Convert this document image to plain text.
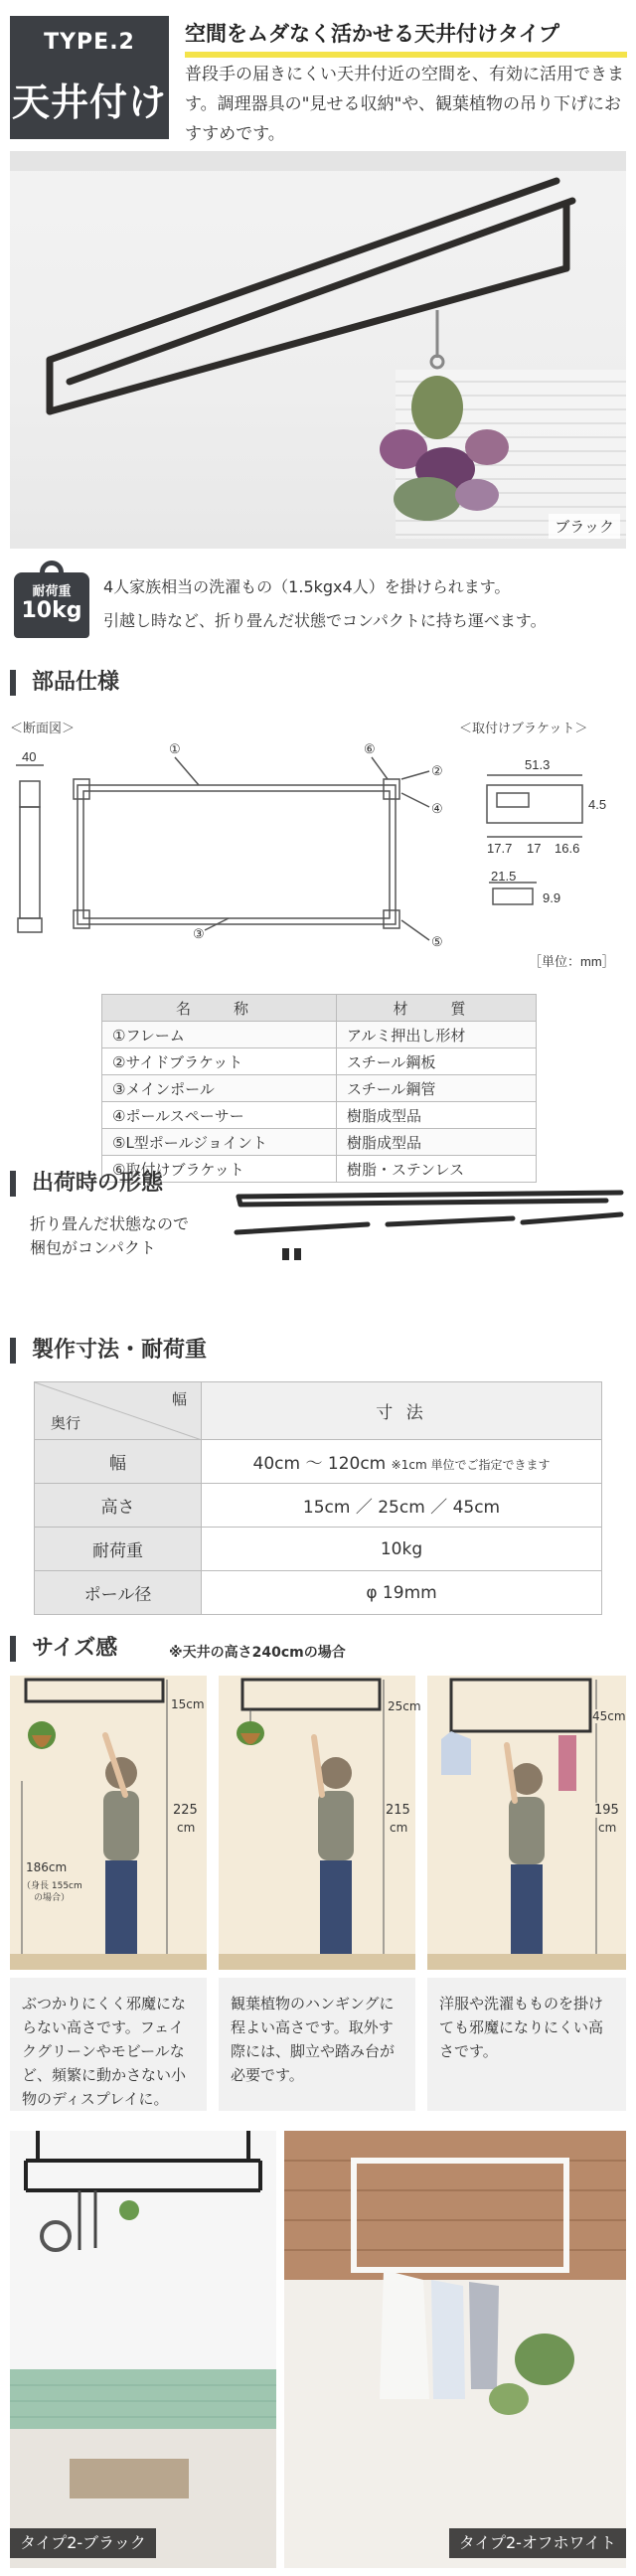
TYPE.2
天井付け
空間をムダなく活かせる天井付けタイプ
普段手の届きにくい天井付近の空間を、有効に活用できます。調理器具の"見せる収納"や、観葉植物の吊り下げにおすすめです。
ブラック
耐荷重
10kg
4人家族相当の洗濯もの（1.5kgx4人）を掛けられます。
引越し時など、折り畳んだ状態でコンパクトに持ち運べます。
部品仕様
＜断面図＞	＜取付けブラケット＞
40
①	⑥
②
④
③
⑤
51.3
4.5
17.7 17 16.6
21.5
9.9
［単位：mm］
名　称	材　質
①フレーム	アルミ押出し形材
②サイドブラケット	スチール鋼板
③メインポール	スチール鋼管
④ポールスペーサー	樹脂成型品
⑤L型ポールジョイント	樹脂成型品
⑥取付けブラケット	樹脂・ステンレス
出荷時の形態
折り畳んだ状態なので
梱包がコンパクト
製作寸法・耐荷重
幅
奥行	寸 法
幅	40cm 〜 120cm ※1cm 単位でご指定できます
高さ	15cm ／ 25cm ／ 45cm
耐荷重	10kg
ポール径	φ 19mm
サイズ感	※天井の高さ240cmの場合
15cm
225
cm
186cm
（身長 155cm
の場合）
ぶつかりにくく邪魔にならない高さです。フェイクグリーンやモビールなど、頻繁に動かさない小物のディスプレイに。
25cm
215
cm
観葉植物のハンギングに程よい高さです。取外す際には、脚立や踏み台が必要です。
45cm
195
cm
洋服や洗濯もものを掛けても邪魔になりにくい高さです。
タイプ2-ブラック	タイプ2-オフホワイト
